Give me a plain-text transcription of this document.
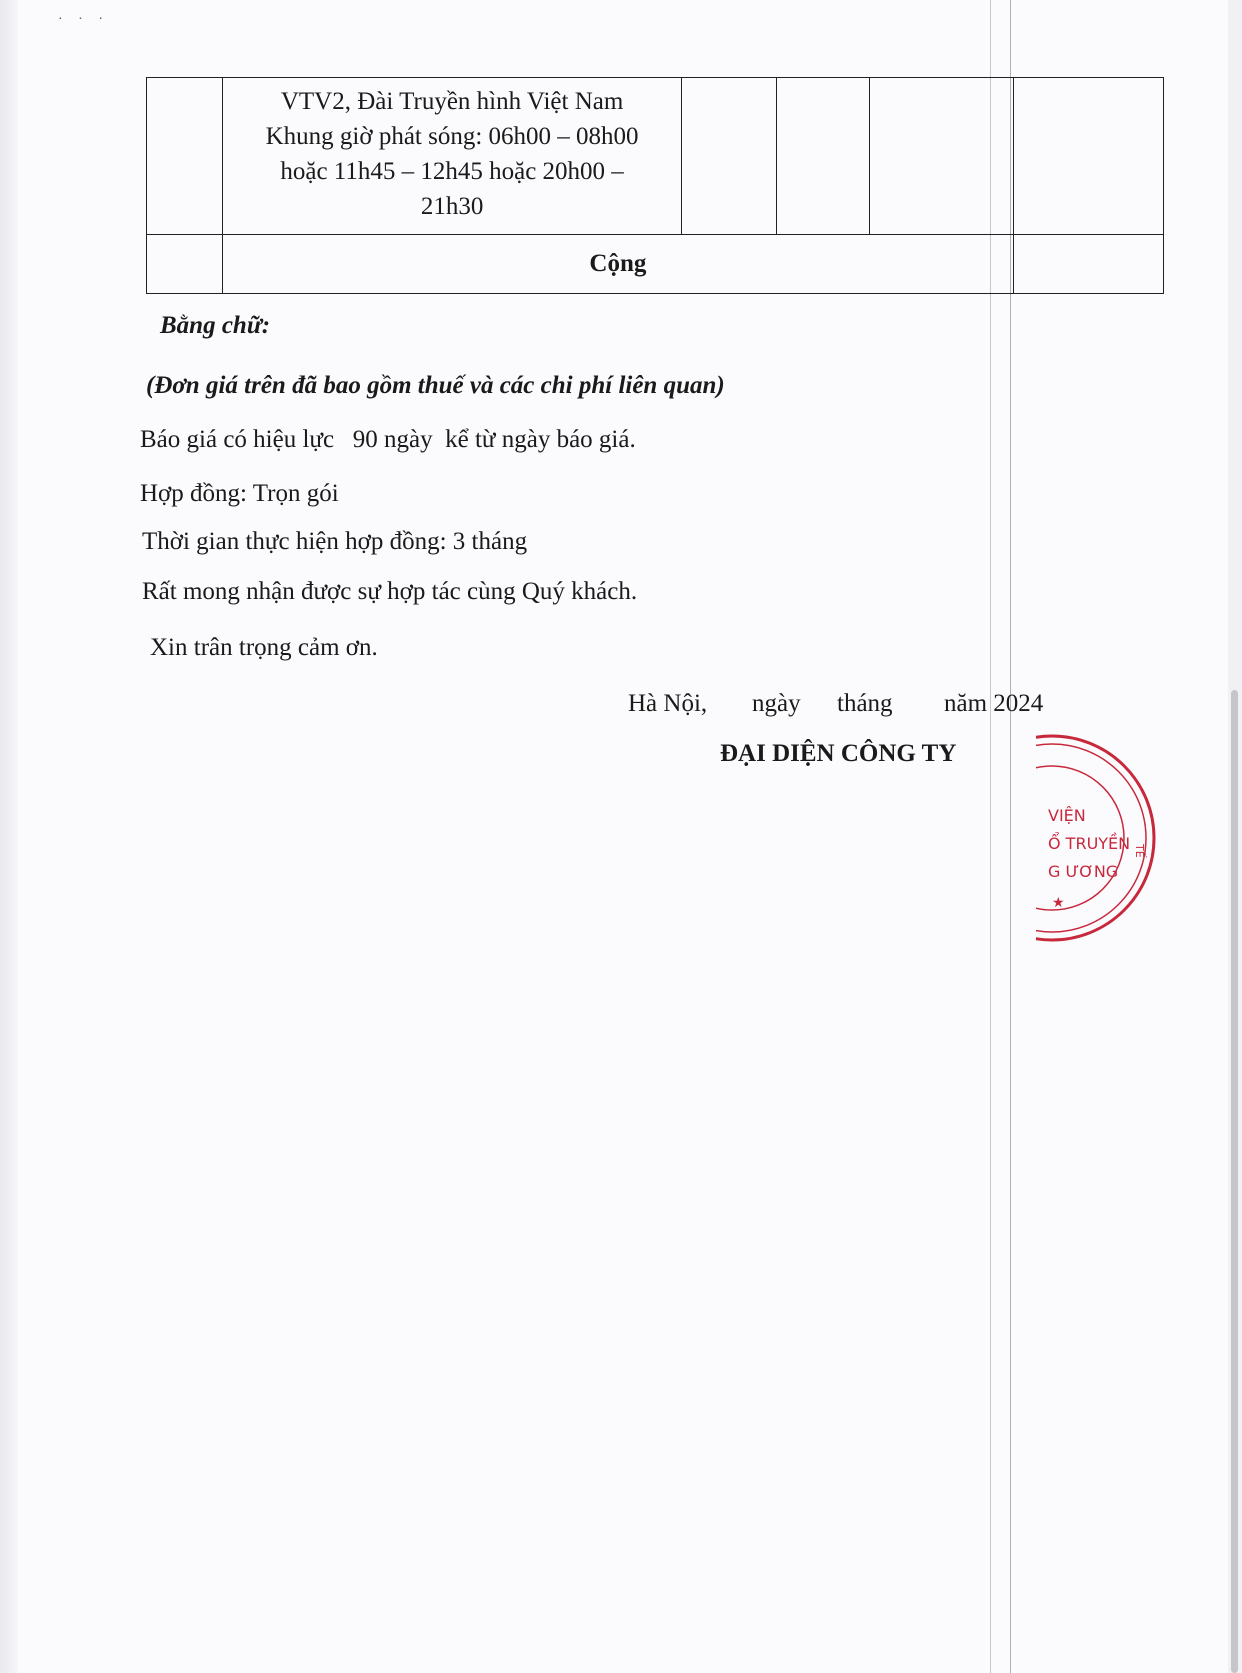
· · ·

	VTV2, Đài Truyền hình Việt Nam
Khung giờ phát sóng: 06h00 – 08h00
hoặc 11h45 – 12h45 hoặc 20h00 –
21h30				

	Cộng				
Bằng chữ:
(Đơn giá trên đã bao gồm thuế và các chi phí liên quan)
Báo giá có hiệu lực   90 ngày  kể từ ngày báo giá.
Hợp đồng: Trọn gói
Thời gian thực hiện hợp đồng: 3 tháng
Rất mong nhận được sự hợp tác cùng Quý khách.
Xin trân trọng cảm ơn.
Hà Nội, ngày tháng năm 2024
ĐẠI DIỆN CÔNG TY
★
TẾ
VIỆN
Ổ TRUYỀN
G ƯƠNG
